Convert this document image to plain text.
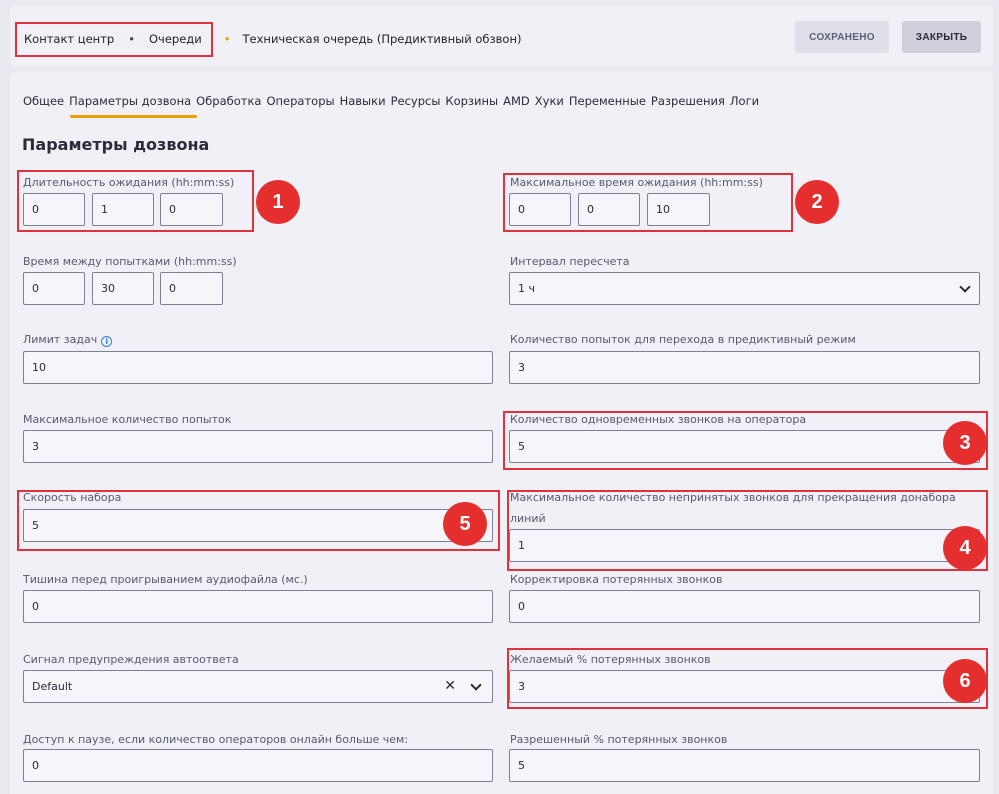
Контакт центр • Очереди • Техническая очередь (Предиктивный обзвон)	СОХРАНЕНО	ЗАКРЫТЬ
Общее Параметры дозвона Обработка Операторы Навыки Ресурсы Корзины AMD Хуки Переменные Разрешения Логи
Параметры дозвона
Длительность ожидания (hh:mm:ss)
0	1	0
Максимальное время ожидания (hh:mm:ss)
0	0	10
Время между попытками (hh:mm:ss)
0	30	0
Интервал пересчета
1 ч
Лимит задач i
10
Количество попыток для перехода в предиктивный режим
3
Максимальное количество попыток
3
Количество одновременных звонков на оператора
5
Скорость набора
5
Максимальное количество непринятых звонков для прекращения донабора
линий
1
Тишина перед проигрыванием аудиофайла (мс.)
0
Корректировка потерянных звонков
0
Сигнал предупреждения автоответа
Default	✕
Желаемый % потерянных звонков
3
Доступ к паузе, если количество операторов онлайн больше чем:
0
Разрешенный % потерянных звонков
5
1	2
3
4
5
6
